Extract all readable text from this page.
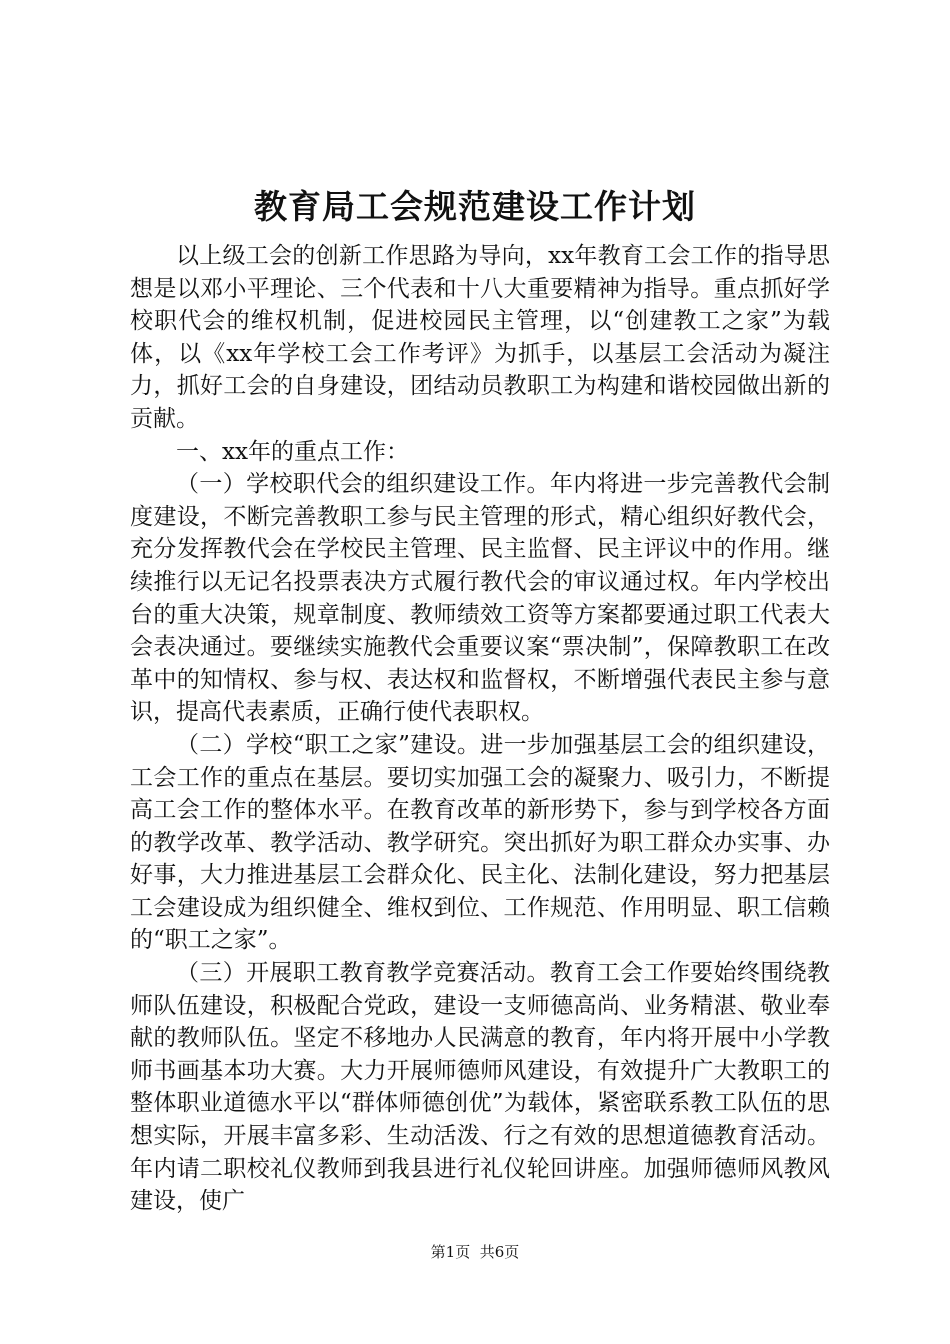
教育局工会规范建设工作计划

以上级工会的创新工作思路为导向，xx年教育工会工作的指导思想是以邓小平理论、三个代表和十八大重要精神为指导。重点抓好学校职代会的维权机制，促进校园民主管理，以“创建教工之家”为载体，以《xx年学校工会工作考评》为抓手，以基层工会活动为凝注力，抓好工会的自身建设，团结动员教职工为构建和谐校园做出新的贡献。

一、xx年的重点工作：

（一）学校职代会的组织建设工作。年内将进一步完善教代会制度建设，不断完善教职工参与民主管理的形式，精心组织好教代会，充分发挥教代会在学校民主管理、民主监督、民主评议中的作用。继续推行以无记名投票表决方式履行教代会的审议通过权。年内学校出台的重大决策，规章制度、教师绩效工资等方案都要通过职工代表大会表决通过。要继续实施教代会重要议案“票决制”，保障教职工在改革中的知情权、参与权、表达权和监督权，不断增强代表民主参与意识，提高代表素质，正确行使代表职权。

（二）学校“职工之家”建设。进一步加强基层工会的组织建设，工会工作的重点在基层。要切实加强工会的凝聚力、吸引力，不断提高工会工作的整体水平。在教育改革的新形势下，参与到学校各方面的教学改革、教学活动、教学研究。突出抓好为职工群众办实事、办好事，大力推进基层工会群众化、民主化、法制化建设，努力把基层工会建设成为组织健全、维权到位、工作规范、作用明显、职工信赖的“职工之家”。

（三）开展职工教育教学竞赛活动。教育工会工作要始终围绕教师队伍建设，积极配合党政，建设一支师德高尚、业务精湛、敬业奉献的教师队伍。坚定不移地办人民满意的教育，年内将开展中小学教师书画基本功大赛。大力开展师德师风建设，有效提升广大教职工的整体职业道德水平以“群体师德创优”为载体，紧密联系教工队伍的思想实际，开展丰富多彩、生动活泼、行之有效的思想道德教育活动。年内请二职校礼仪教师到我县进行礼仪轮回讲座。加强师德师风教风建设，使广

第1页 共6页
